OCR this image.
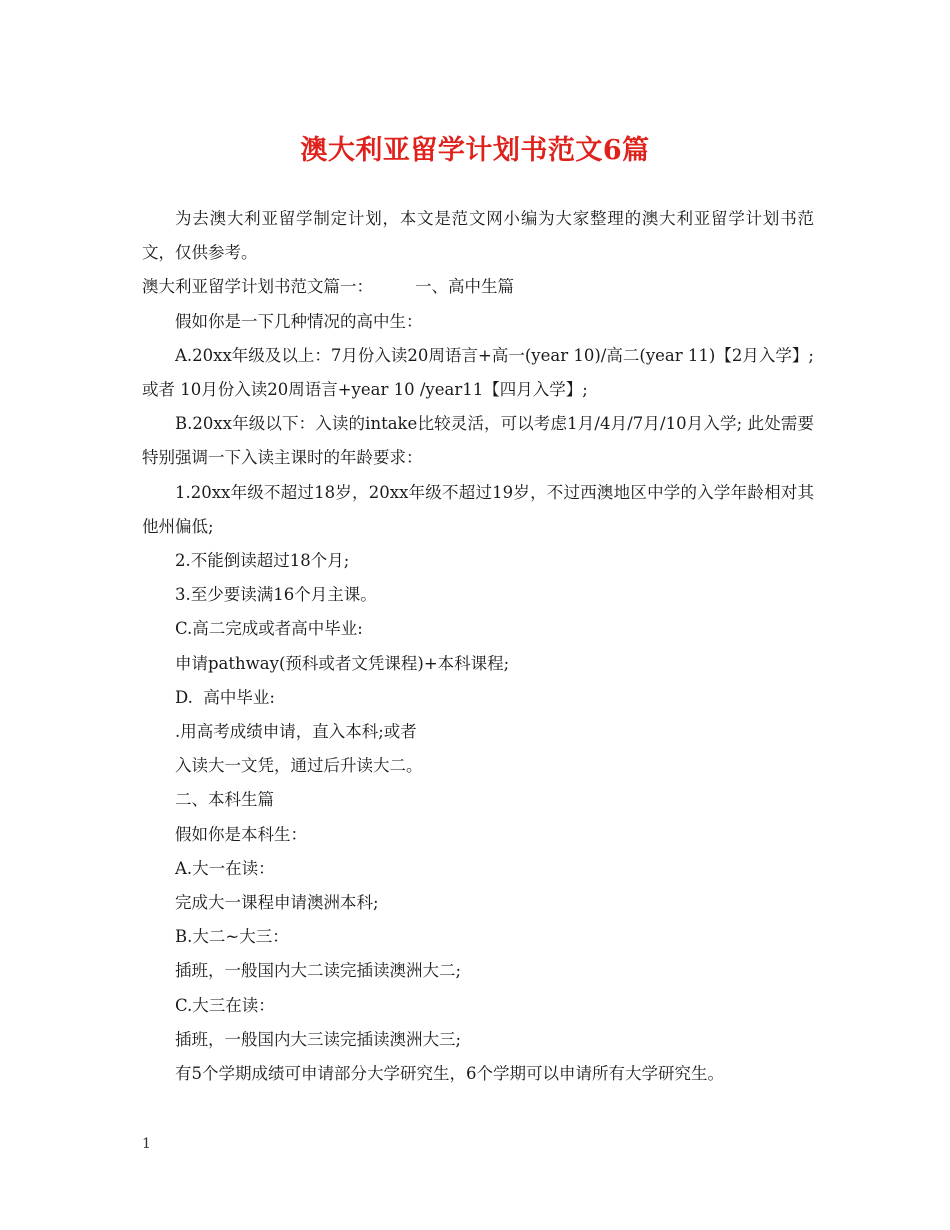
澳大利亚留学计划书范文6篇

为去澳大利亚留学制定计划，本文是范文网小编为大家整理的澳大利亚留学计划书范文，仅供参考。

澳大利亚留学计划书范文篇一：        一、高中生篇

假如你是一下几种情况的高中生：

A.20xx年级及以上：7月份入读20周语言+高一(year 10)/高二(year 11)【2月入学】;或者 10月份入读20周语言+year 10 /year11【四月入学】;

B.20xx年级以下：入读的intake比较灵活，可以考虑1月/4月/7月/10月入学; 此处需要特别强调一下入读主课时的年龄要求：

1.20xx年级不超过18岁，20xx年级不超过19岁，不过西澳地区中学的入学年龄相对其他州偏低;

2.不能倒读超过18个月;

3.至少要读满16个月主课。

C.高二完成或者高中毕业:

申请pathway(预科或者文凭课程)+本科课程;

D.  高中毕业:

.用高考成绩申请，直入本科;或者

入读大一文凭，通过后升读大二。

二、本科生篇

假如你是本科生：

A.大一在读：

完成大一课程申请澳洲本科;

B.大二~大三：

插班，一般国内大二读完插读澳洲大二;

C.大三在读：

插班，一般国内大三读完插读澳洲大三;

有5个学期成绩可申请部分大学研究生，6个学期可以申请所有大学研究生。

1
